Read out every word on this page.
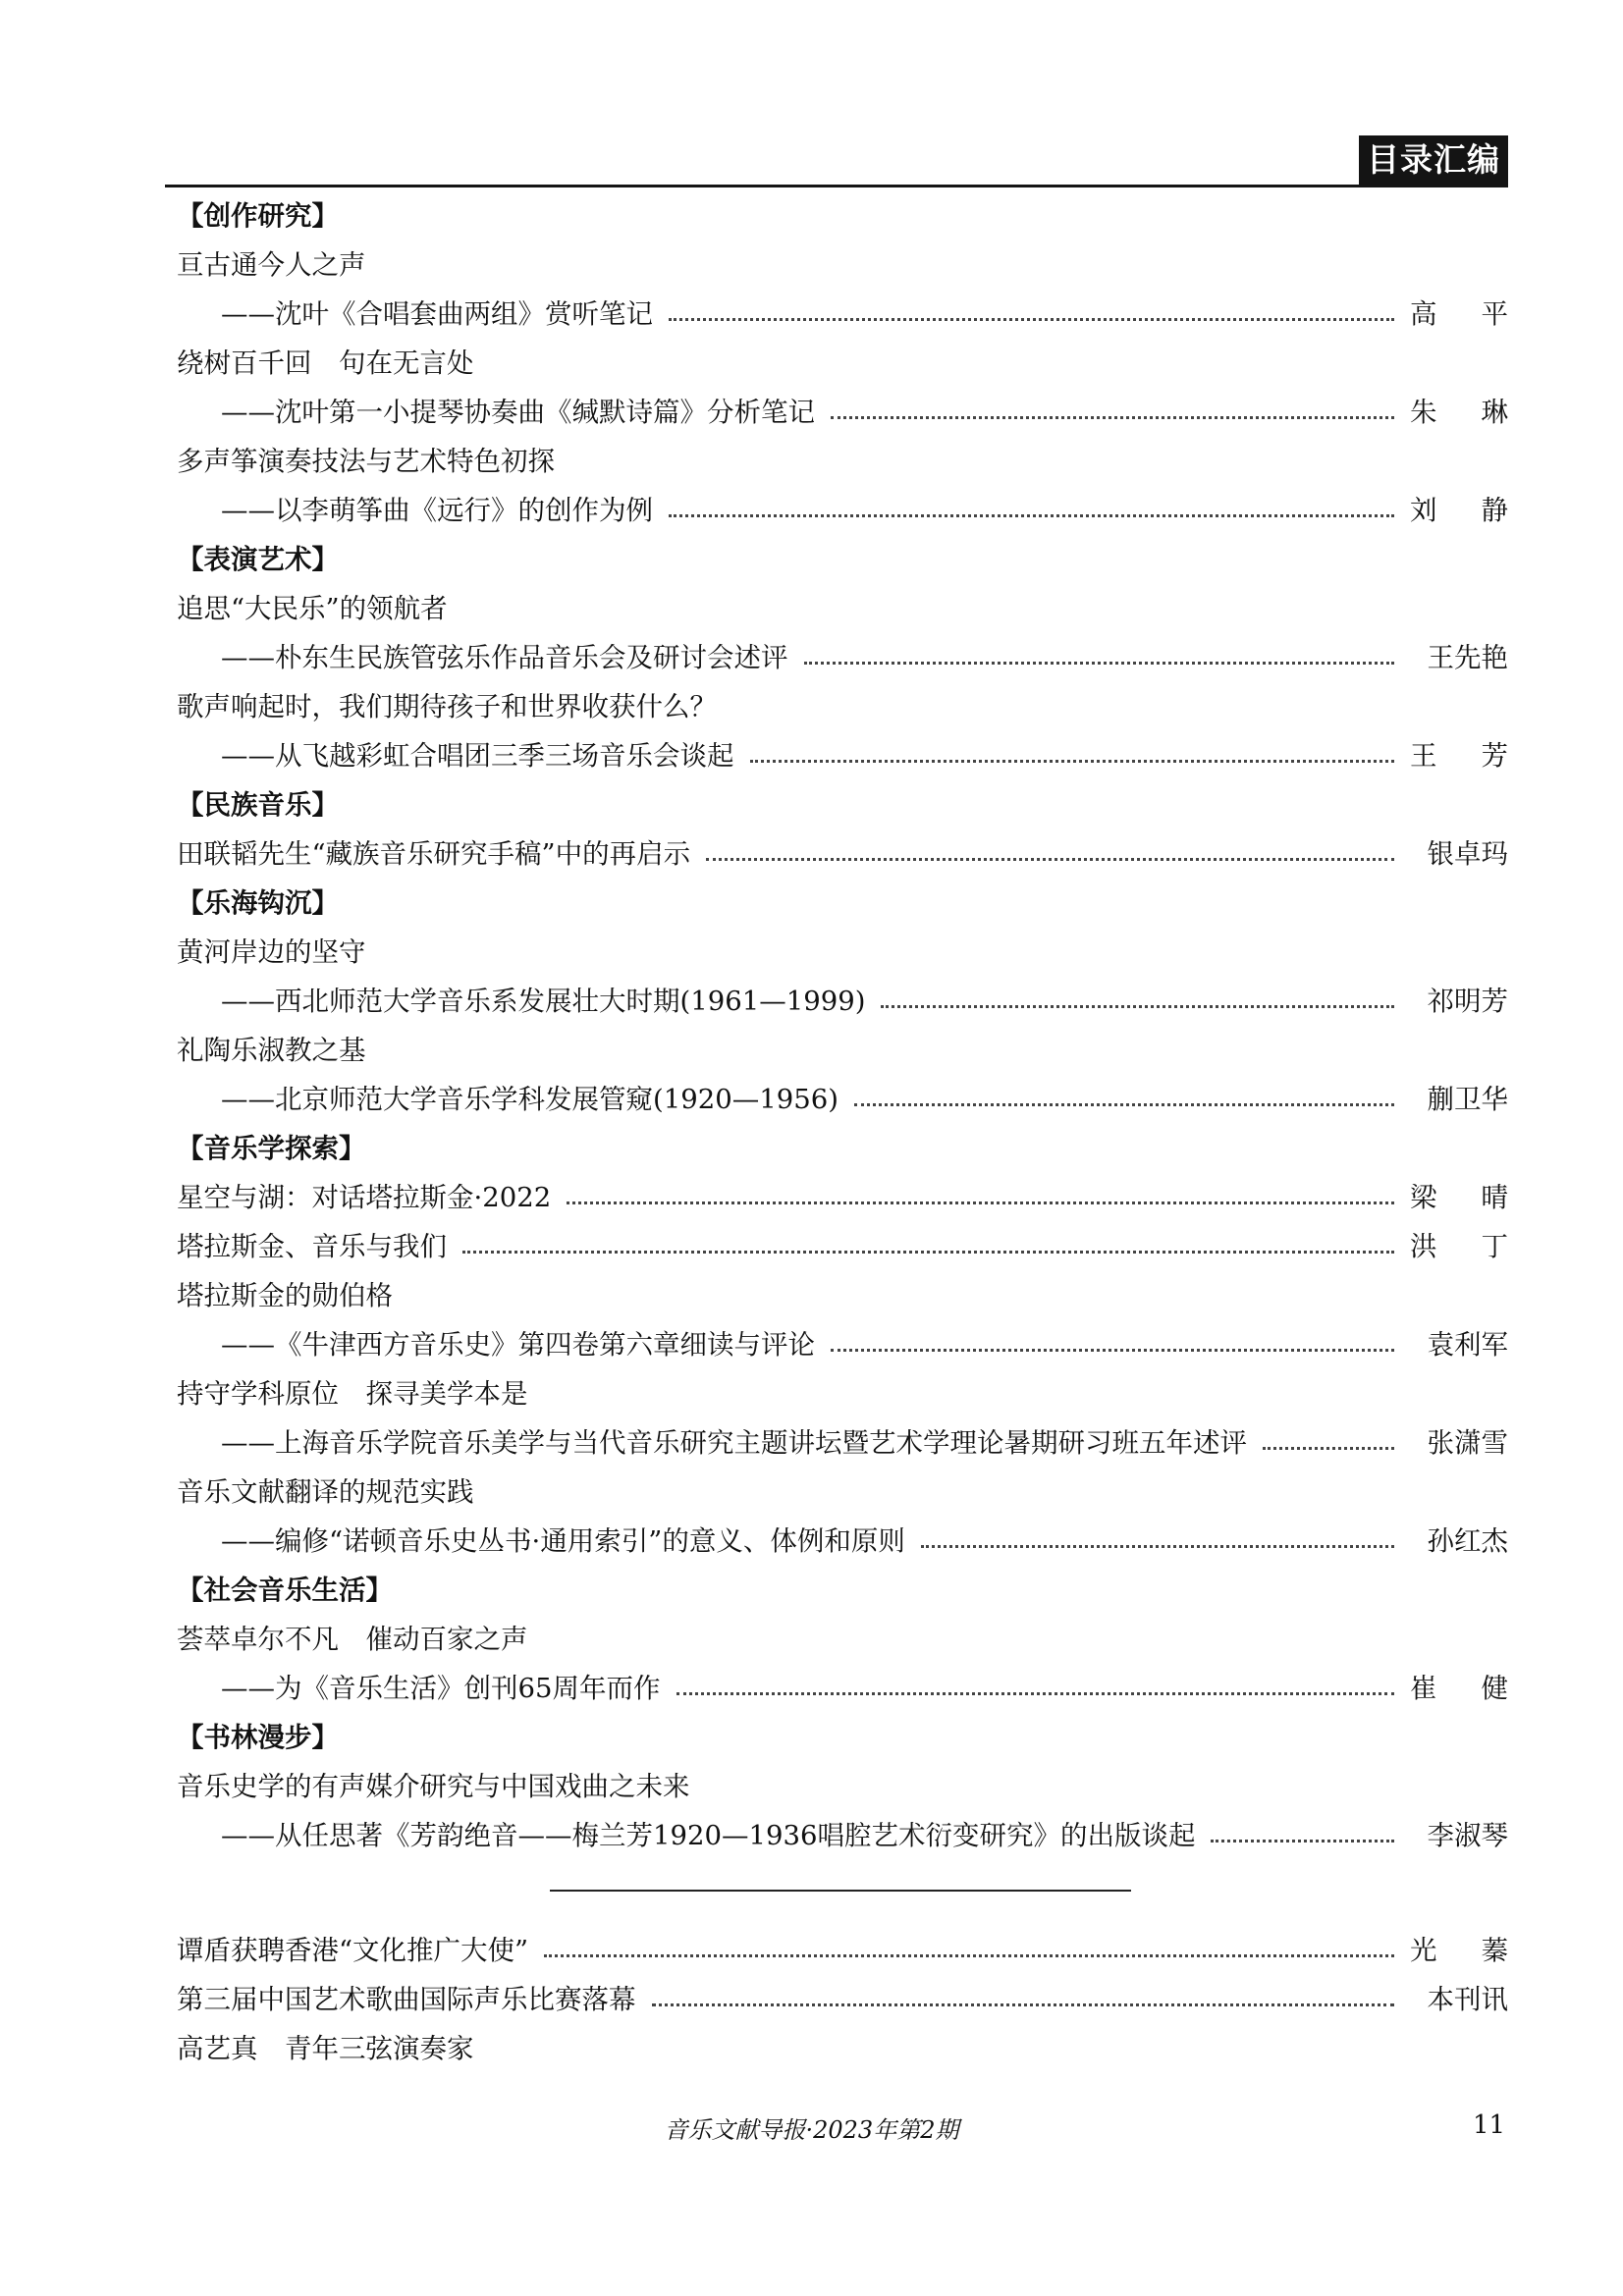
目录汇编
【创作研究】
亘古通今人之声
——沈叶《合唱套曲两组》赏听笔记	高 平
绕树百千回　句在无言处
——沈叶第一小提琴协奏曲《缄默诗篇》分析笔记	朱 琳
多声筝演奏技法与艺术特色初探
——以李萌筝曲《远行》的创作为例	刘 静
【表演艺术】
追思“大民乐”的领航者
——朴东生民族管弦乐作品音乐会及研讨会述评	王先艳
歌声响起时，我们期待孩子和世界收获什么？
——从飞越彩虹合唱团三季三场音乐会谈起	王 芳
【民族音乐】
田联韬先生“藏族音乐研究手稿”中的再启示	银卓玛
【乐海钩沉】
黄河岸边的坚守
——西北师范大学音乐系发展壮大时期(1961—1999)	祁明芳
礼陶乐淑教之基
——北京师范大学音乐学科发展管窥(1920—1956)	蒯卫华
【音乐学探索】
星空与湖：对话塔拉斯金·2022	梁 晴
塔拉斯金、音乐与我们	洪 丁
塔拉斯金的勋伯格
——《牛津西方音乐史》第四卷第六章细读与评论	袁利军
持守学科原位　探寻美学本是
——上海音乐学院音乐美学与当代音乐研究主题讲坛暨艺术学理论暑期研习班五年述评	张潇雪
音乐文献翻译的规范实践
——编修“诺顿音乐史丛书·通用索引”的意义、体例和原则	孙红杰
【社会音乐生活】
荟萃卓尔不凡　催动百家之声
——为《音乐生活》创刊65周年而作	崔 健
【书林漫步】
音乐史学的有声媒介研究与中国戏曲之未来
——从任思著《芳韵绝音——梅兰芳1920—1936唱腔艺术衍变研究》的出版谈起	李淑琴
谭盾获聘香港“文化推广大使”	光 蓁
第三届中国艺术歌曲国际声乐比赛落幕	本刊讯
高艺真　青年三弦演奏家
音乐文献导报·2023年第2期	11
